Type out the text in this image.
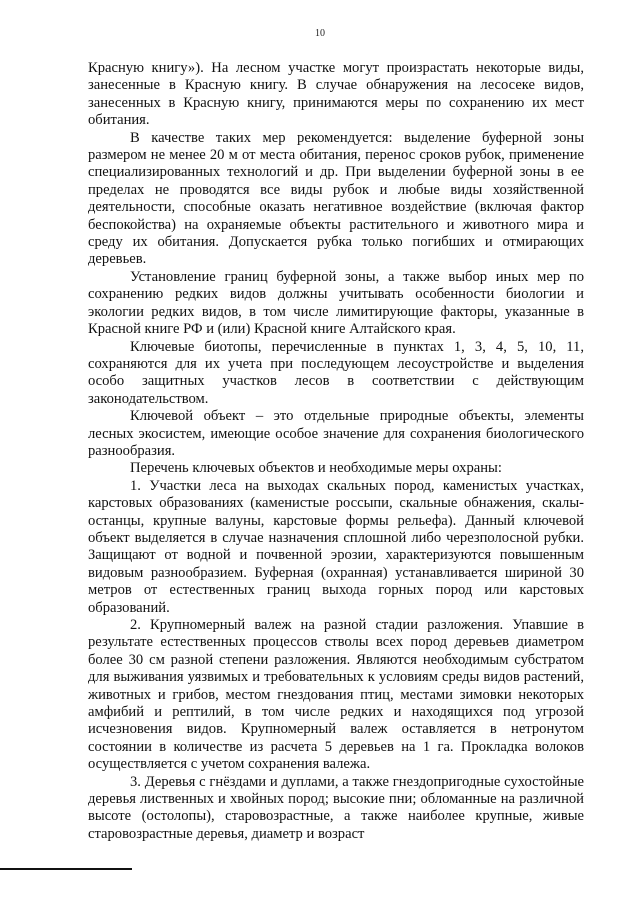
10

Красную книгу»). На лесном участке могут произрастать некоторые виды, занесенные в Красную книгу. В случае обнаружения на лесосеке видов, занесенных в Красную книгу, принимаются меры по сохранению их мест обитания.

В качестве таких мер рекомендуется: выделение буферной зоны размером не менее 20 м от места обитания, перенос сроков рубок, применение специализированных технологий и др. При выделении буферной зоны в ее пределах не проводятся все виды рубок и любые виды хозяйственной деятельности, способные оказать негативное воздействие (включая фактор беспокойства) на охраняемые объекты растительного и животного мира и среду их обитания. Допускается рубка только погибших и отмирающих деревьев.

Установление границ буферной зоны, а также выбор иных мер по сохранению редких видов должны учитывать особенности биологии и экологии редких видов, в том числе лимитирующие факторы, указанные в Красной книге РФ и (или) Красной книге Алтайского края.

Ключевые биотопы, перечисленные в пунктах 1, 3, 4, 5, 10, 11, сохраняются для их учета при последующем лесоустройстве и выделения особо защитных участков лесов в соответствии с действующим законодательством.

Ключевой объект – это отдельные природные объекты, элементы лесных экосистем, имеющие особое значение для сохранения биологического разнообразия.

Перечень ключевых объектов и необходимые меры охраны:

1. Участки леса на выходах скальных пород, каменистых участках, карстовых образованиях (каменистые россыпи, скальные обнажения, скалы-останцы, крупные валуны, карстовые формы рельефа). Данный ключевой объект выделяется в случае назначения сплошной либо черезполосной рубки. Защищают от водной и почвенной эрозии, характеризуются повышенным видовым разнообразием. Буферная (охранная) устанавливается шириной 30 метров от естественных границ выхода горных пород или карстовых образований.

2. Крупномерный валеж на разной стадии разложения. Упавшие в результате естественных процессов стволы всех пород деревьев диаметром более 30 см разной степени разложения. Являются необходимым субстратом для выживания уязвимых и требовательных к условиям среды видов растений, животных и грибов, местом гнездования птиц, местами зимовки некоторых амфибий и рептилий, в том числе редких и находящихся под угрозой исчезновения видов. Крупномерный валеж оставляется в нетронутом состоянии в количестве из расчета 5 деревьев на 1 га. Прокладка волоков осуществляется с учетом сохранения валежа.

3. Деревья с гнёздами и дуплами, а также гнездопригодные сухостойные деревья лиственных и хвойных пород; высокие пни; обломанные на различной высоте (остолопы), старовозрастные, а также наиболее крупные, живые старовозрастные деревья, диаметр и возраст
